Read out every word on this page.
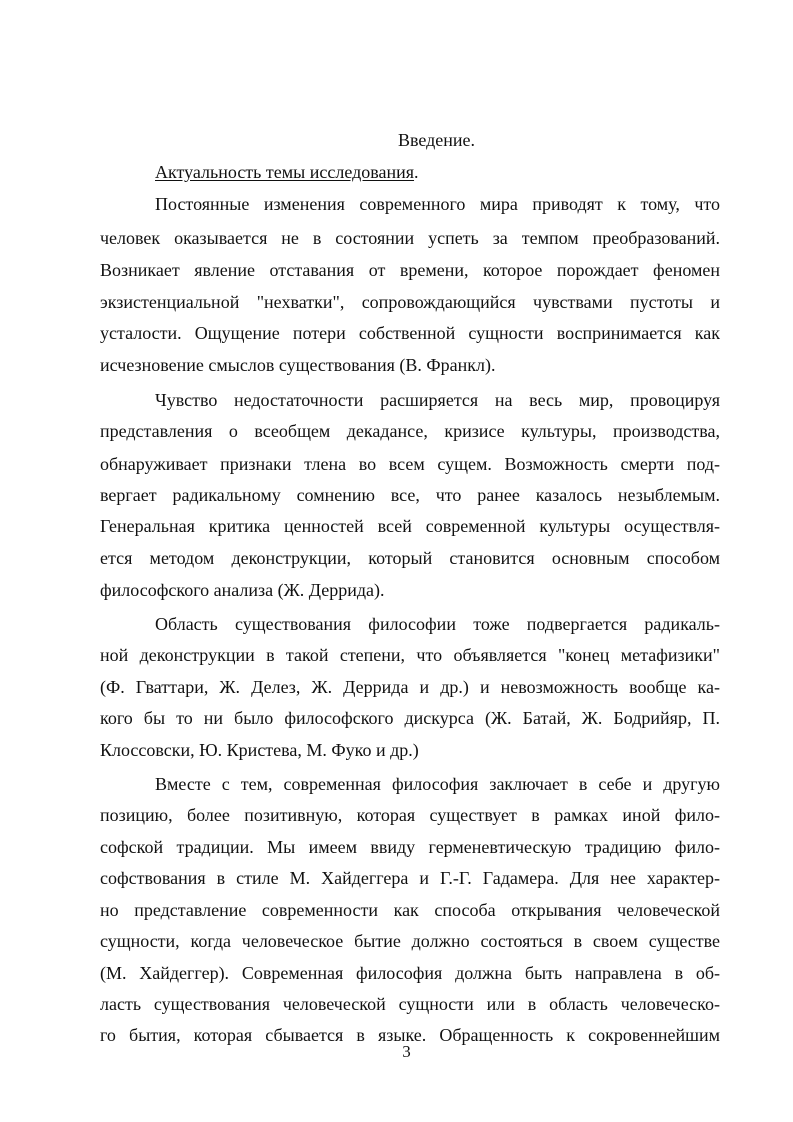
Введение.
Актуальность темы исследования.
Постоянные изменения современного мира приводят к тому, что
человек оказывается не в состоянии успеть за темпом преобразований.
Возникает явление отставания от времени, которое порождает феномен
экзистенциальной "нехватки", сопровождающийся чувствами пустоты и
усталости. Ощущение потери собственной сущности воспринимается как
исчезновение смыслов существования (В. Франкл).
Чувство недостаточности расширяется на весь мир, провоцируя
представления о всеобщем декадансе, кризисе культуры, производства,
обнаруживает признаки тлена во всем сущем. Возможность смерти под-
вергает радикальному сомнению все, что ранее казалось незыблемым.
Генеральная критика ценностей всей современной культуры осуществля-
ется методом деконструкции, который становится основным способом
философского анализа (Ж. Деррида).
Область существования философии тоже подвергается радикаль-
ной деконструкции в такой степени, что объявляется "конец метафизики"
(Ф. Гваттари, Ж. Делез, Ж. Деррида и др.) и невозможность вообще ка-
кого бы то ни было философского дискурса (Ж. Батай, Ж. Бодрийяр, П.
Клоссовски, Ю. Кристева, М. Фуко и др.)
Вместе с тем, современная философия заключает в себе и другую
позицию, более позитивную, которая существует в рамках иной фило-
софской традиции. Мы имеем ввиду герменевтическую традицию фило-
софствования в стиле М. Хайдеггера и Г.-Г. Гадамера. Для нее характер-
но представление современности как способа открывания человеческой
сущности, когда человеческое бытие должно состояться в своем существе
(М. Хайдеггер). Современная философия должна быть направлена в об-
ласть существования человеческой сущности или в область человеческо-
го бытия, которая сбывается в языке. Обращенность к сокровеннейшим
3
